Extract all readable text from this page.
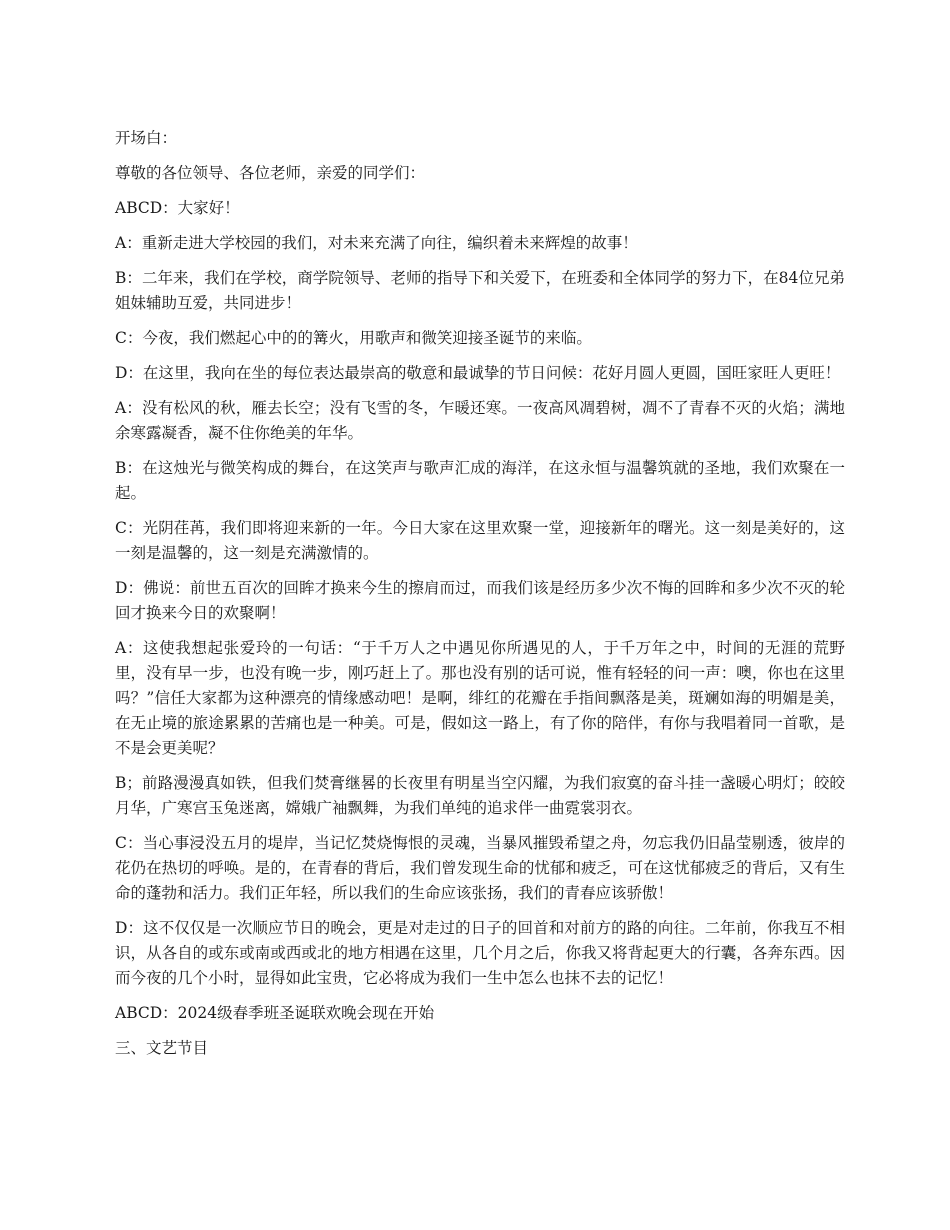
开场白：

尊敬的各位领导、各位老师，亲爱的同学们：

ABCD：大家好！

A：重新走进大学校园的我们，对未来充满了向往，编织着未来辉煌的故事！

B：二年来，我们在学校，商学院领导、老师的指导下和关爱下，在班委和全体同学的努力下，在84位兄弟姐妹辅助互爱，共同进步！

C：今夜，我们燃起心中的的篝火，用歌声和微笑迎接圣诞节的来临。

D：在这里，我向在坐的每位表达最崇高的敬意和最诚挚的节日问候：花好月圆人更圆，国旺家旺人更旺！

A：没有松风的秋，雁去长空；没有飞雪的冬，乍暖还寒。一夜高风凋碧树，凋不了青春不灭的火焰；满地余寒露凝香，凝不住你绝美的年华。

B：在这烛光与微笑构成的舞台，在这笑声与歌声汇成的海洋，在这永恒与温馨筑就的圣地，我们欢聚在一起。

C：光阴荏苒，我们即将迎来新的一年。今日大家在这里欢聚一堂，迎接新年的曙光。这一刻是美好的，这一刻是温馨的，这一刻是充满激情的。

D：佛说：前世五百次的回眸才换来今生的擦肩而过，而我们该是经历多少次不悔的回眸和多少次不灭的轮回才换来今日的欢聚啊！

A：这使我想起张爱玲的一句话：“于千万人之中遇见你所遇见的人，于千万年之中，时间的无涯的荒野里，没有早一步，也没有晚一步，刚巧赶上了。那也没有别的话可说，惟有轻轻的问一声：噢，你也在这里吗？”信任大家都为这种漂亮的情缘感动吧！是啊，绯红的花瓣在手指间飘落是美，斑斓如海的明媚是美，在无止境的旅途累累的苦痛也是一种美。可是，假如这一路上，有了你的陪伴，有你与我唱着同一首歌，是不是会更美呢？

B；前路漫漫真如铁，但我们焚膏继晷的长夜里有明星当空闪耀，为我们寂寞的奋斗挂一盏暖心明灯；皎皎月华，广寒宫玉兔迷离，嫦娥广袖飘舞，为我们单纯的追求伴一曲霓裳羽衣。

C：当心事浸没五月的堤岸，当记忆焚烧悔恨的灵魂，当暴风摧毁希望之舟，勿忘我仍旧晶莹剔透，彼岸的花仍在热切的呼唤。是的，在青春的背后，我们曾发现生命的忧郁和疲乏，可在这忧郁疲乏的背后，又有生命的蓬勃和活力。我们正年轻，所以我们的生命应该张扬，我们的青春应该骄傲！

D：这不仅仅是一次顺应节日的晚会，更是对走过的日子的回首和对前方的路的向往。二年前，你我互不相识，从各自的或东或南或西或北的地方相遇在这里，几个月之后，你我又将背起更大的行囊，各奔东西。因而今夜的几个小时，显得如此宝贵，它必将成为我们一生中怎么也抹不去的记忆！

ABCD：2024级春季班圣诞联欢晚会现在开始

三、文艺节目
